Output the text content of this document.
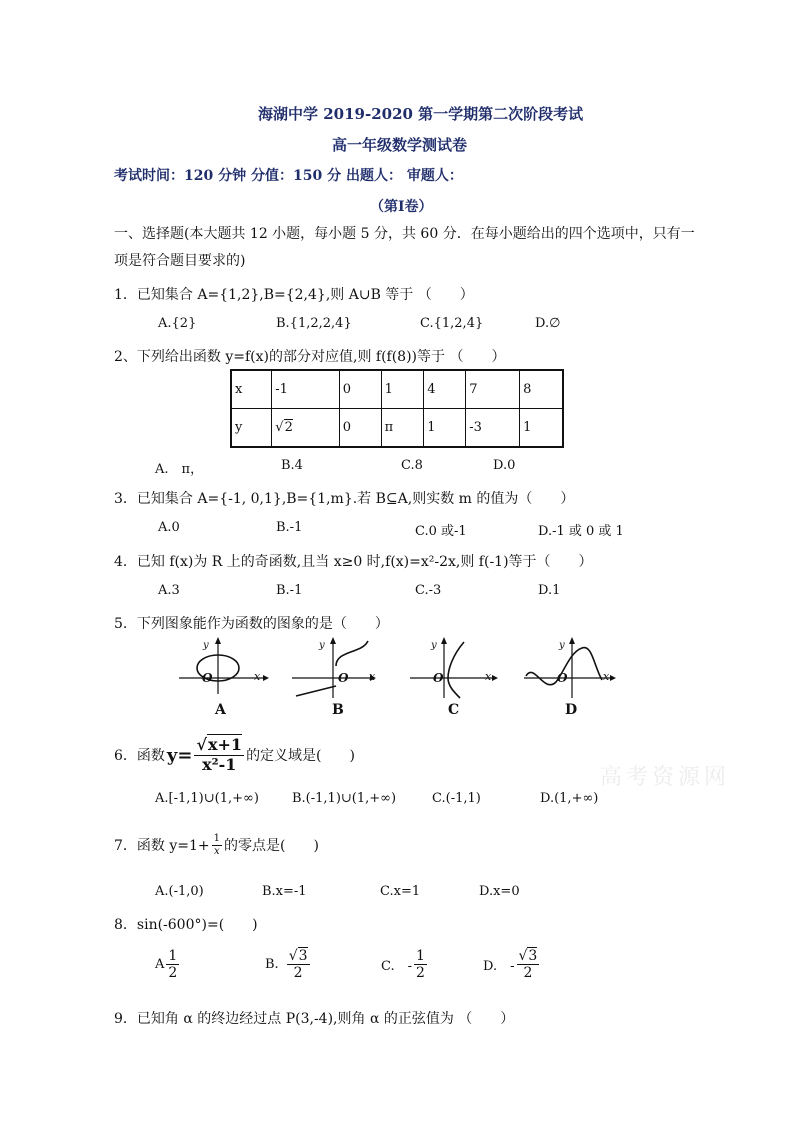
海湖中学 2019-2020 第一学期第二次阶段考试
高一年级数学测试卷
考试时间：120 分钟 分值：150 分 出题人： 审题人：
（第Ⅰ卷）
一、选择题(本大题共 12 小题，每小题 5 分，共 60 分．在每小题给出的四个选项中，只有一
项是符合题目要求的)
1．已知集合 A={1,2},B={2,4},则 A∪B 等于 （　　）
A.{2}	B.{1,2,2,4}	C.{1,2,4}	D.∅
2、下列给出函数 y=f(x)的部分对应值,则 f(f(8))等于 （　　）
x	-1	0	1	4	7	8
y	√2	0	π	1	-3	1
A.　π，	B.4	C.8	D.0
3．已知集合 A={-1, 0,1},B={1,m}.若 B⊆A,则实数 m 的值为（　　）
A.0	B.-1	C.0 或-1	D.-1 或 0 或 1
4．已知 f(x)为 R 上的奇函数,且当 x≥0 时,f(x)=x²-2x,则 f(-1)等于（　　）
A.3	B.-1	C.-3	D.1
5．下列图象能作为函数的图象的是（　　）
y
O	x
y
O x
y
O	x
y
O	x
A	B	C	D
6．函数 $y= \frac{√x+1}{\text{x²-1}}$ 的定义域是(　　)
A.[-1,1)∪(1,+∞)	B.(-1,1)∪(1,+∞)	C.(-1,1)	D.(1,+∞)
7．函数 $y=1+ \frac{1}{x}$ 的零点是(　　)
A.(-1,0)	B.x=-1	C.x=1	D.x=0
8．sin(-600°)=(　　)
A $\frac{1}{2}$	B. $\frac{√3}{2}$	C.　- $\frac{1}{2}$	D.　- $\frac{√3}{2}$
9．已知角 α 的终边经过点 P(3,-4),则角 α 的正弦值为 （　　）
高考资源网
